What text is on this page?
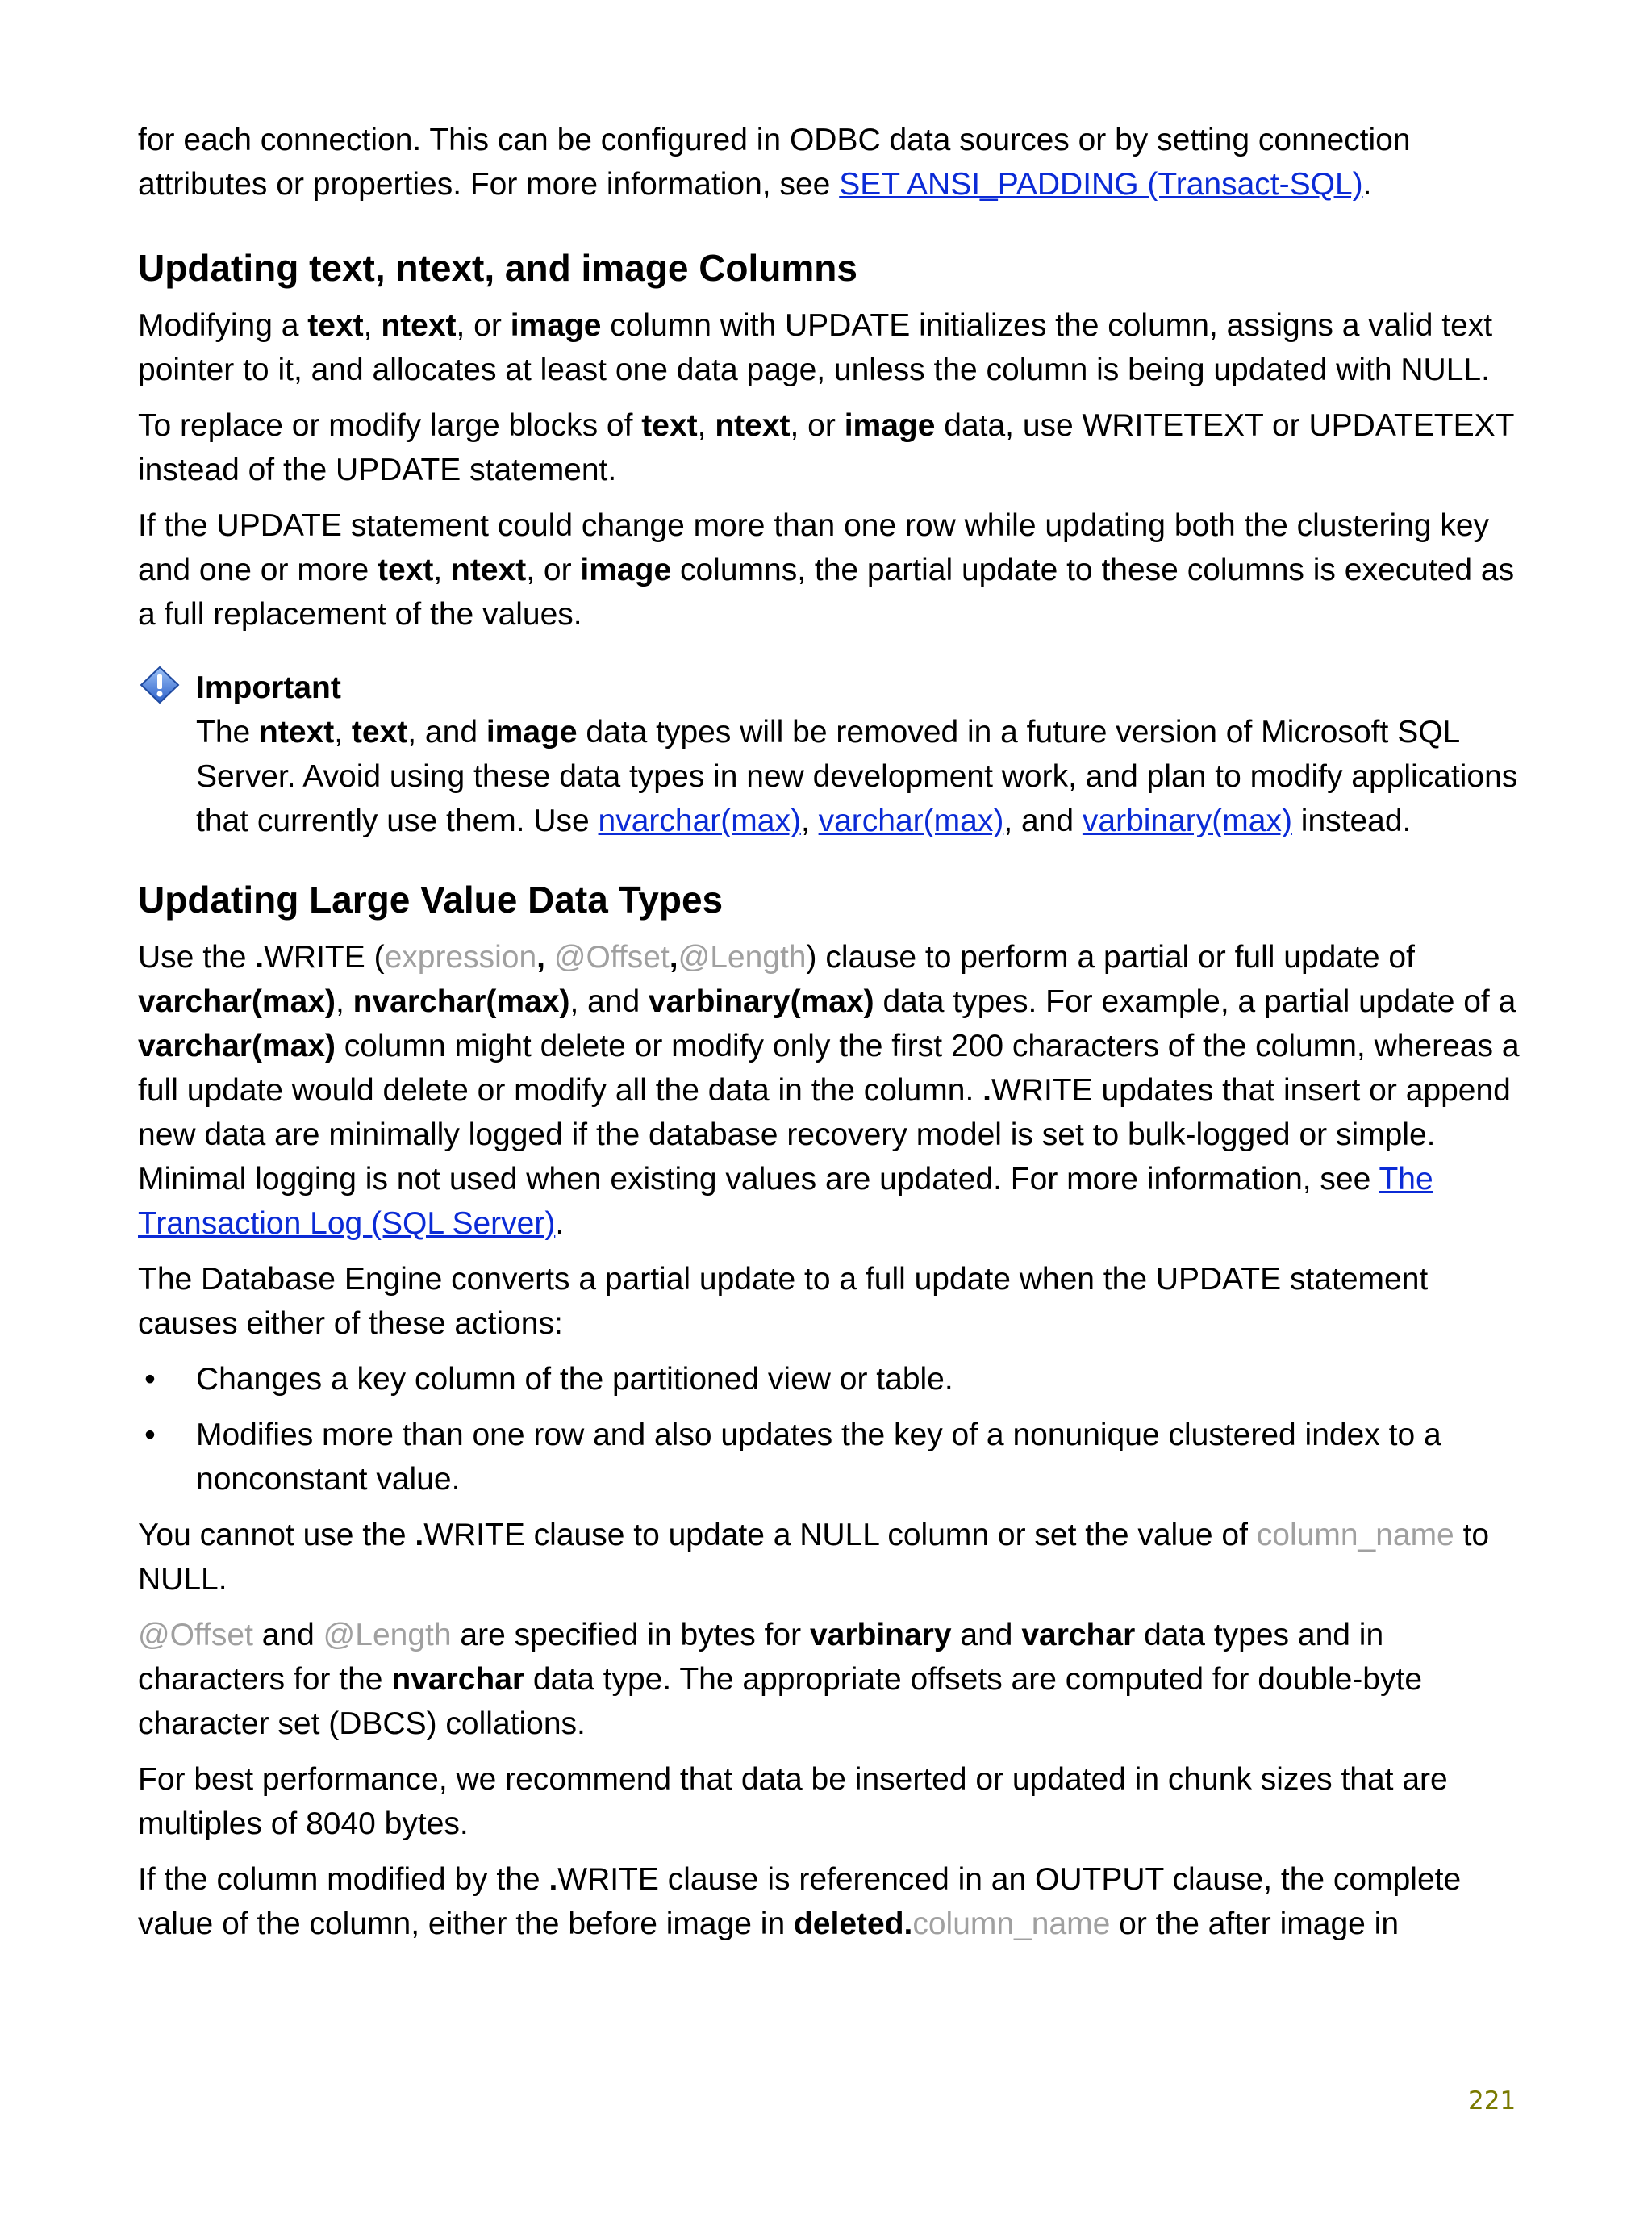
for each connection. This can be configured in ODBC data sources or by setting connection attributes or properties. For more information, see SET ANSI_PADDING (Transact-SQL).

Updating text, ntext, and image Columns

Modifying a text, ntext, or image column with UPDATE initializes the column, assigns a valid text pointer to it, and allocates at least one data page, unless the column is being updated with NULL.

To replace or modify large blocks of text, ntext, or image data, use WRITETEXT or UPDATETEXT instead of the UPDATE statement.

If the UPDATE statement could change more than one row while updating both the clustering key and one or more text, ntext, or image columns, the partial update to these columns is executed as a full replacement of the values.

Important

The ntext, text, and image data types will be removed in a future version of Microsoft SQL Server. Avoid using these data types in new development work, and plan to modify applications that currently use them. Use nvarchar(max), varchar(max), and varbinary(max) instead.

Updating Large Value Data Types

Use the .WRITE (expression, @Offset,@Length) clause to perform a partial or full update of varchar(max), nvarchar(max), and varbinary(max) data types. For example, a partial update of a varchar(max) column might delete or modify only the first 200 characters of the column, whereas a full update would delete or modify all the data in the column. .WRITE updates that insert or append new data are minimally logged if the database recovery model is set to bulk-logged or simple. Minimal logging is not used when existing values are updated. For more information, see The Transaction Log (SQL Server).

The Database Engine converts a partial update to a full update when the UPDATE statement causes either of these actions:

• Changes a key column of the partitioned view or table.
• Modifies more than one row and also updates the key of a nonunique clustered index to a nonconstant value.

You cannot use the .WRITE clause to update a NULL column or set the value of column_name to NULL.

@Offset and @Length are specified in bytes for varbinary and varchar data types and in characters for the nvarchar data type. The appropriate offsets are computed for double-byte character set (DBCS) collations.

For best performance, we recommend that data be inserted or updated in chunk sizes that are multiples of 8040 bytes.

If the column modified by the .WRITE clause is referenced in an OUTPUT clause, the complete value of the column, either the before image in deleted.column_name or the after image in

221
